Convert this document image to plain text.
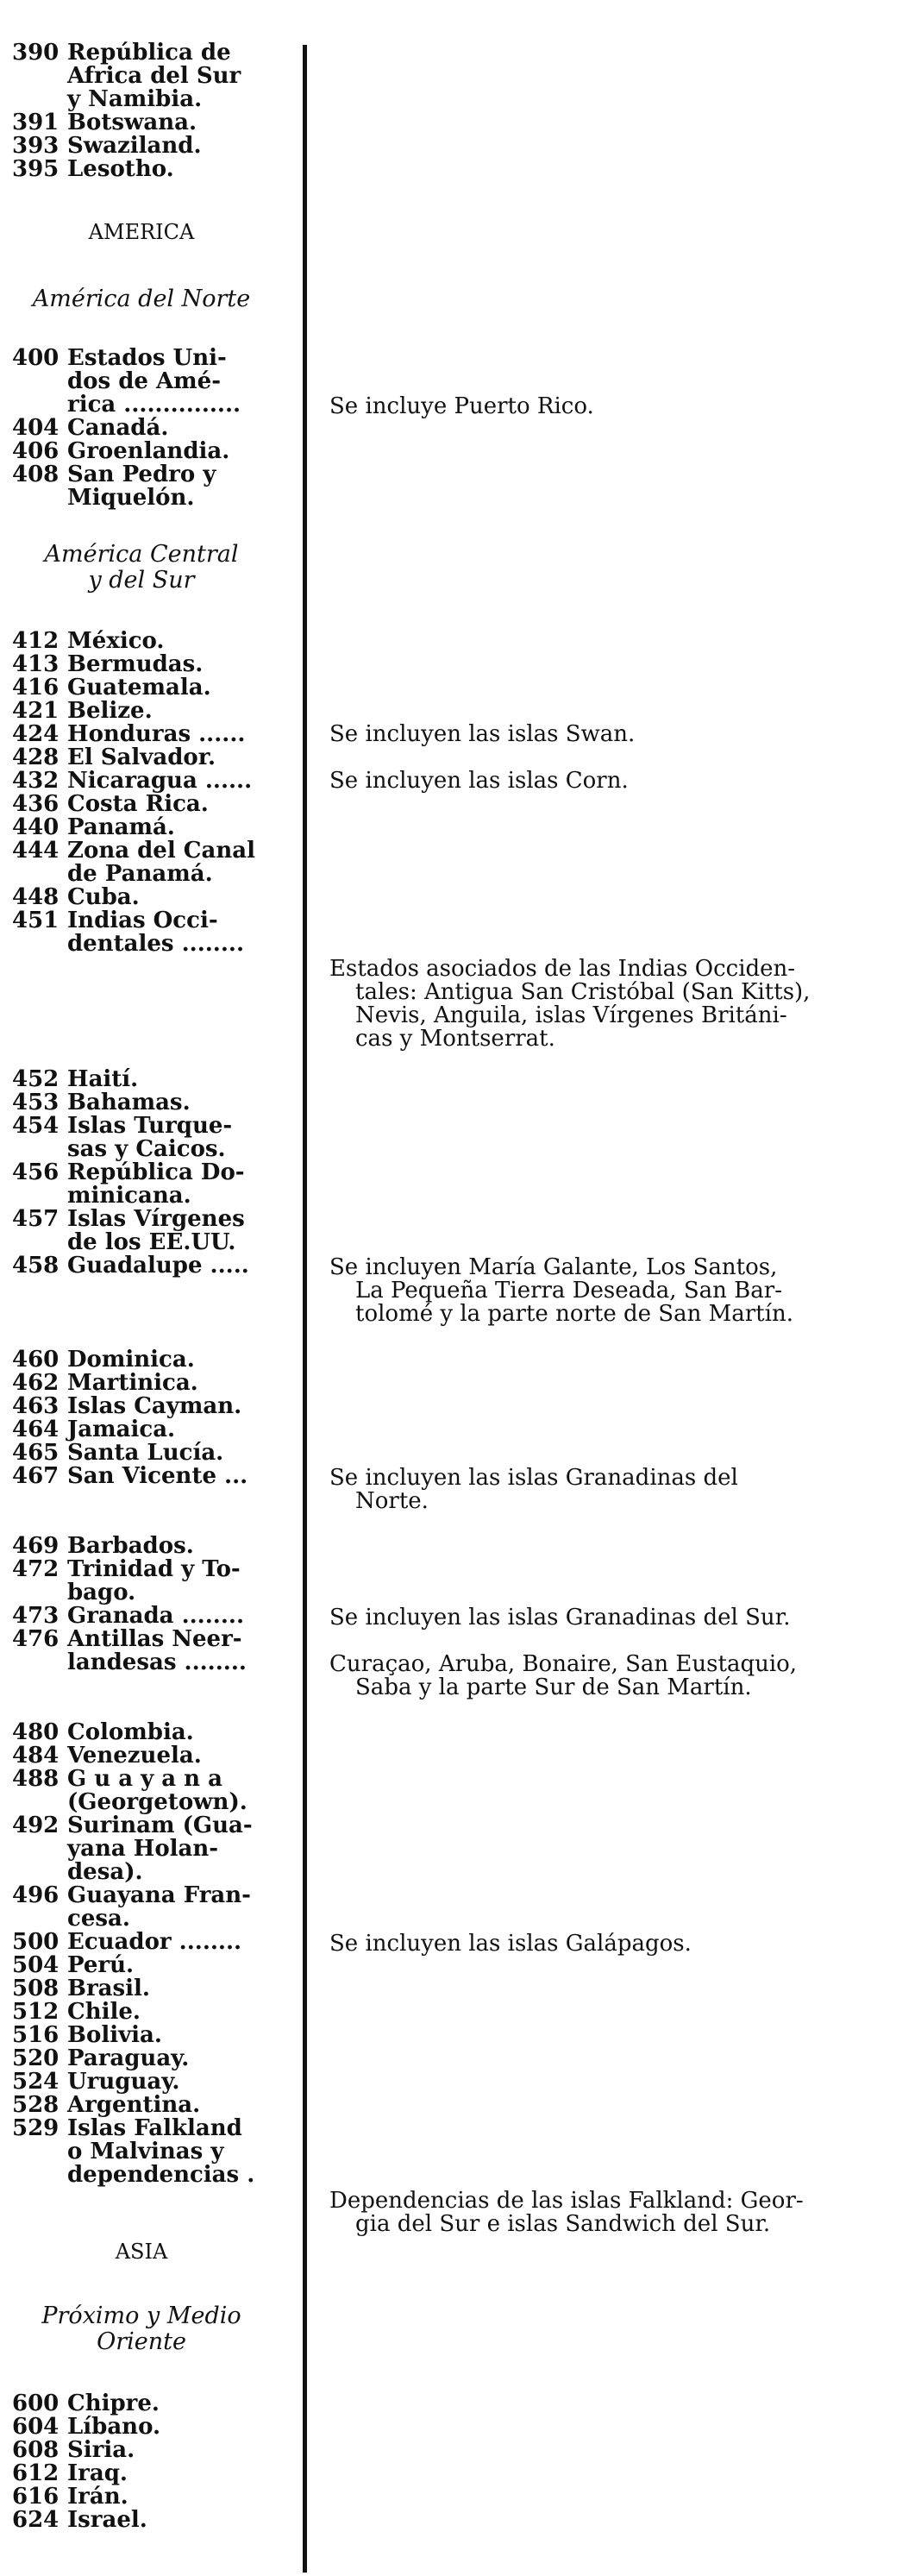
390 República de
Africa del Sur
y Namibia.
391 Botswana.
393 Swaziland.
395 Lesotho.
AMERICA
América del Norte
400 Estados Uni-
dos de Amé-
rica ...............
404 Canadá.
406 Groenlandia.
408 San Pedro y
Miquelón.
América Central
y del Sur
412 México.
413 Bermudas.
416 Guatemala.
421 Belize.
424 Honduras ......
428 El Salvador.
432 Nicaragua ......
436 Costa Rica.
440 Panamá.
444 Zona del Canal
de Panamá.
448 Cuba.
451 Indias Occi-
dentales ........
452 Haití.
453 Bahamas.
454 Islas Turque-
sas y Caicos.
456 República Do-
minicana.
457 Islas Vírgenes
de los EE.UU.
458 Guadalupe .....
460 Dominica.
462 Martinica.
463 Islas Cayman.
464 Jamaica.
465 Santa Lucía.
467 San Vicente ...
469 Barbados.
472 Trinidad y To-
bago.
473 Granada ........
476 Antillas Neer-
landesas ........
480 Colombia.
484 Venezuela.
488 G u a y a n a
(Georgetown).
492 Surinam (Gua-
yana Holan-
desa).
496 Guayana Fran-
cesa.
500 Ecuador ........
504 Perú.
508 Brasil.
512 Chile.
516 Bolivia.
520 Paraguay.
524 Uruguay.
528 Argentina.
529 Islas Falkland
o Malvinas y
dependencias .
ASIA
Próximo y Medio
Oriente
600 Chipre.
604 Líbano.
608 Siria.
612 Iraq.
616 Irán.
624 Israel.
Se incluye Puerto Rico.
Se incluyen las islas Swan.
Se incluyen las islas Corn.
Estados asociados de las Indias Occiden-
tales: Antigua San Cristóbal (San Kitts),
Nevis, Anguila, islas Vírgenes Británi-
cas y Montserrat.
Se incluyen María Galante, Los Santos,
La Pequeña Tierra Deseada, San Bar-
tolomé y la parte norte de San Martín.
Se incluyen las islas Granadinas del
Norte.
Se incluyen las islas Granadinas del Sur.
Curaçao, Aruba, Bonaire, San Eustaquio,
Saba y la parte Sur de San Martín.
Se incluyen las islas Galápagos.
Dependencias de las islas Falkland: Geor-
gia del Sur e islas Sandwich del Sur.
